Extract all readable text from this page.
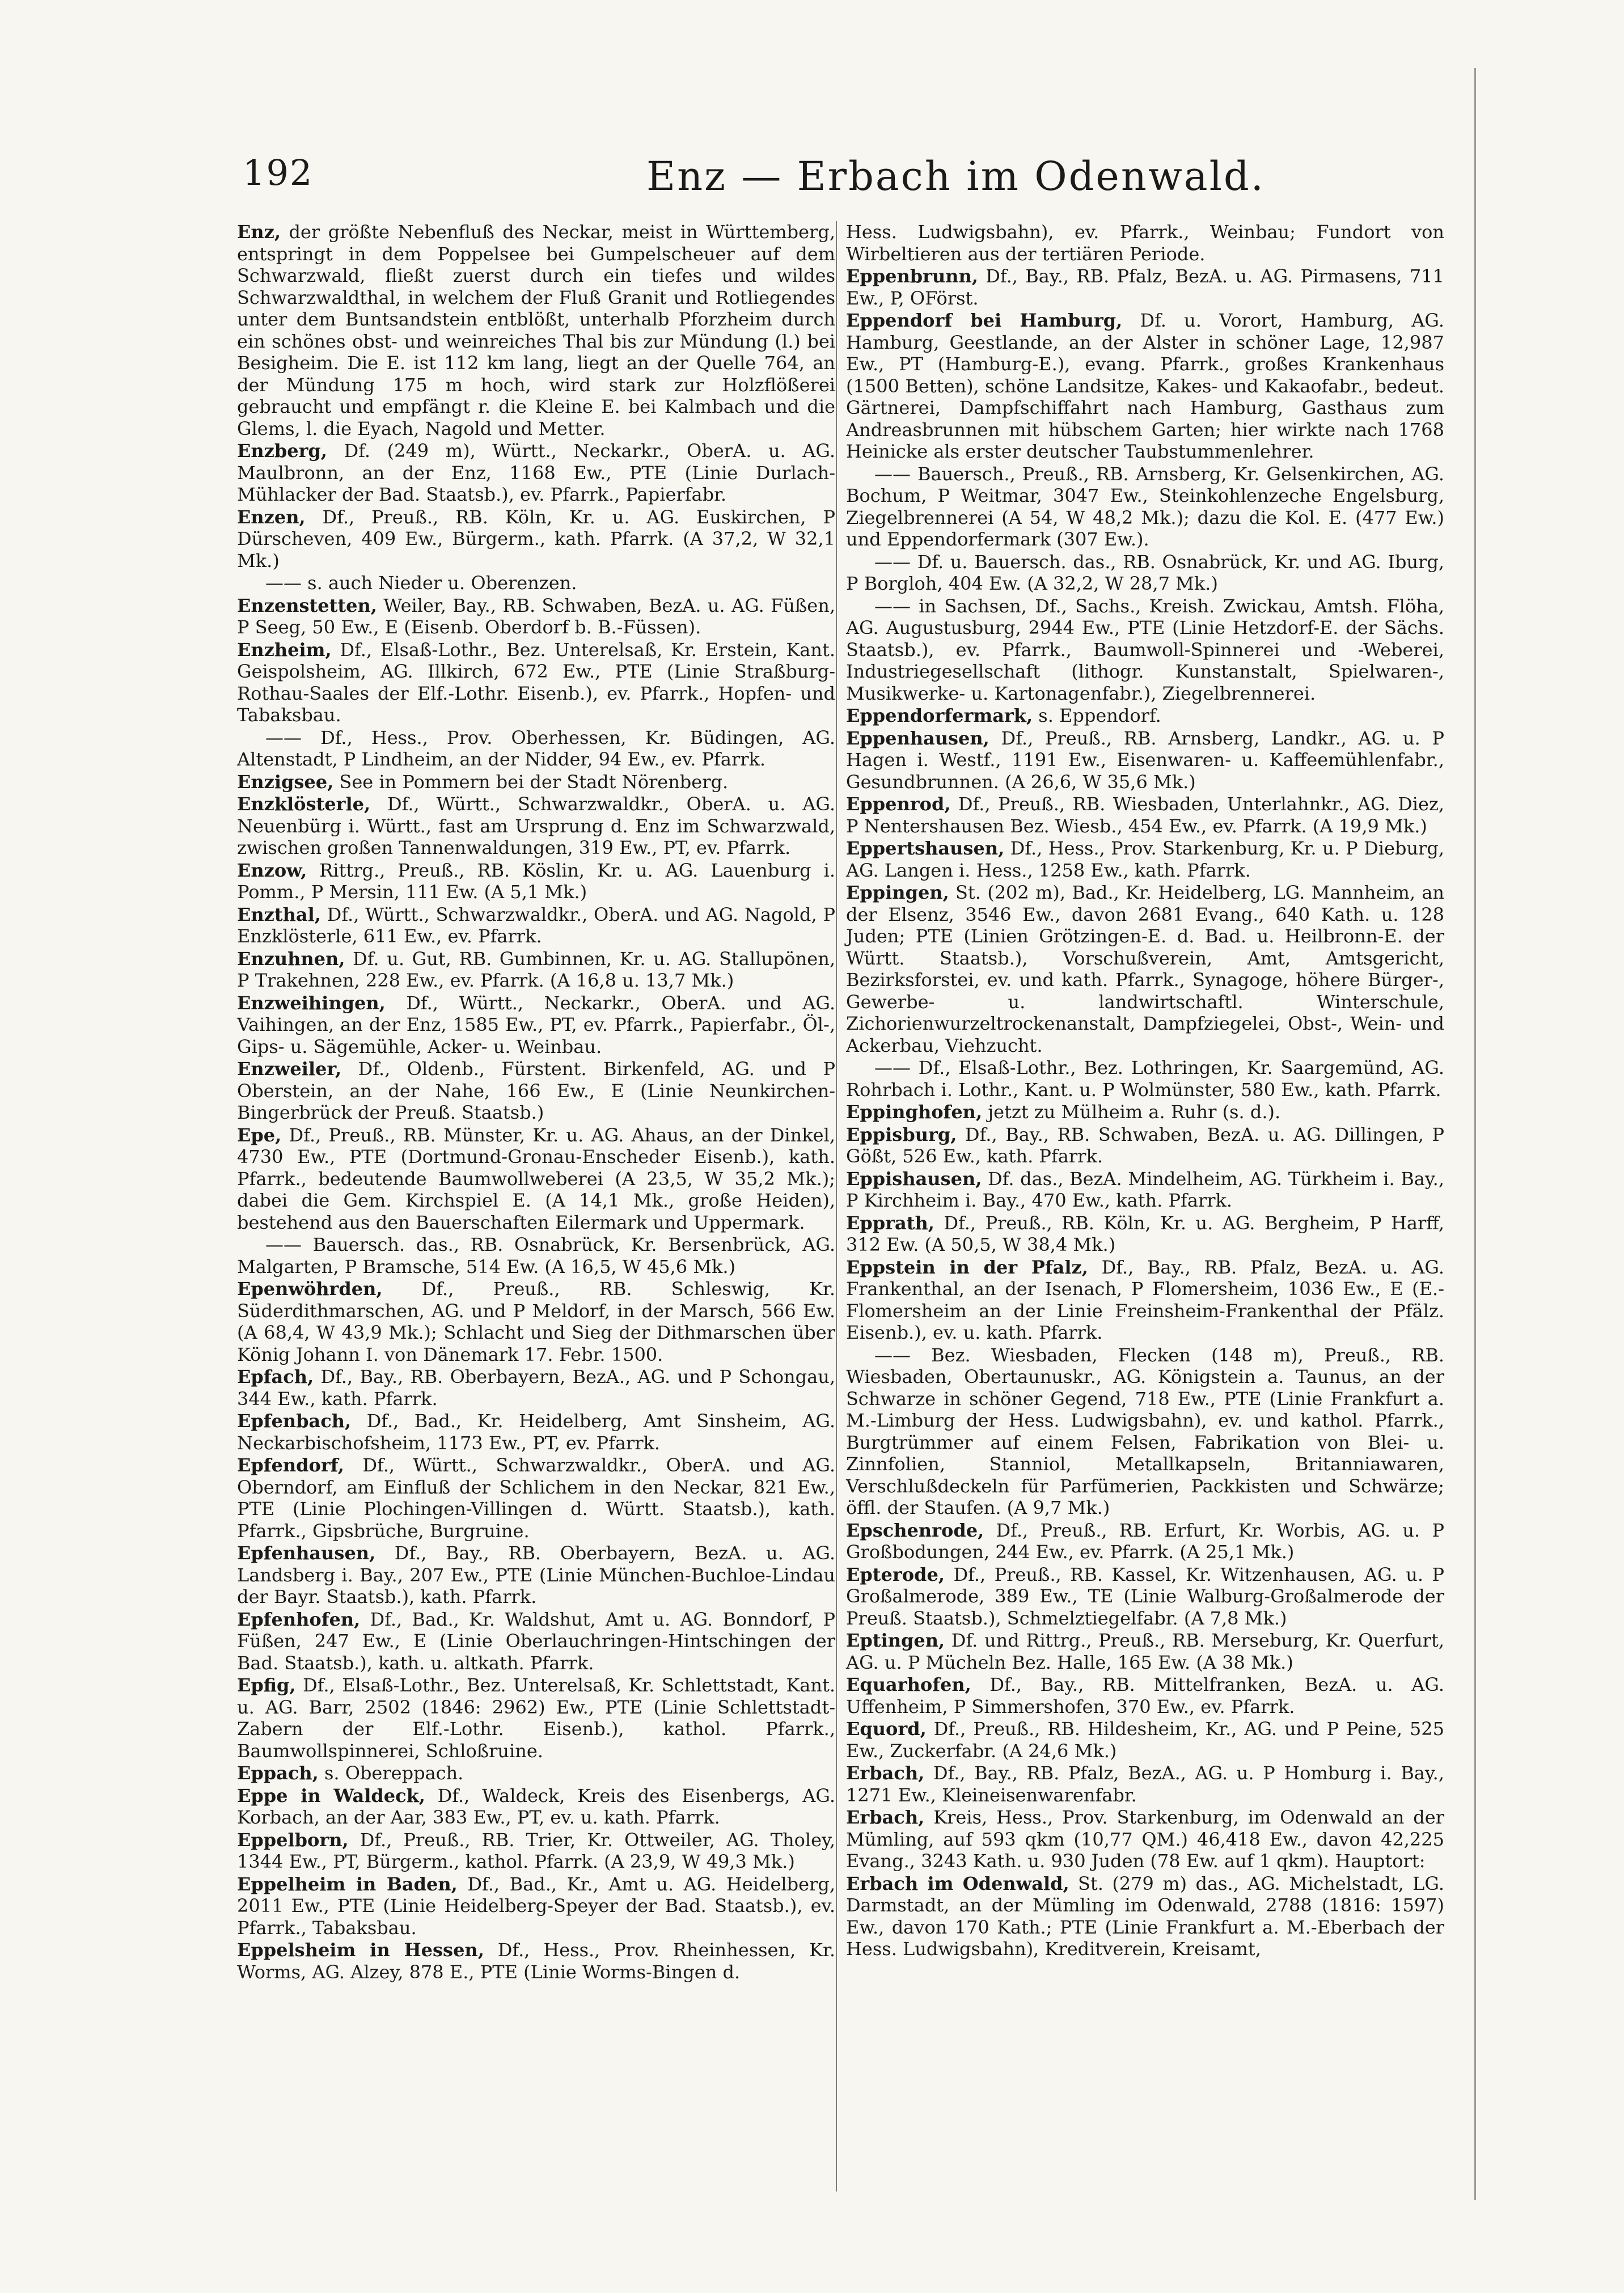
192	Enz — Erbach im Odenwald.
Enz, der größte Nebenfluß des Neckar, meist in Württemberg, entspringt in dem Poppelsee bei Gumpelscheuer auf dem Schwarzwald, fließt zuerst durch ein tiefes und wildes Schwarzwaldthal, in welchem der Fluß Granit und Rotliegendes unter dem Buntsandstein entblößt, unterhalb Pforzheim durch ein schönes obst- und weinreiches Thal bis zur Mündung (l.) bei Besigheim. Die E. ist 112 km lang, liegt an der Quelle 764, an der Mündung 175 m hoch, wird stark zur Holzflößerei gebraucht und empfängt r. die Kleine E. bei Kalmbach und die Glems, l. die Eyach, Nagold und Metter.
Enzberg, Df. (249 m), Württ., Neckarkr., OberA. u. AG. Maulbronn, an der Enz, 1168 Ew., PTE (Linie Durlach-Mühlacker der Bad. Staatsb.), ev. Pfarrk., Papierfabr.
Enzen, Df., Preuß., RB. Köln, Kr. u. AG. Euskirchen, P Dürscheven, 409 Ew., Bürgerm., kath. Pfarrk. (A 37,2, W 32,1 Mk.)
—— s. auch Nieder u. Oberenzen.
Enzenstetten, Weiler, Bay., RB. Schwaben, BezA. u. AG. Füßen, P Seeg, 50 Ew., E (Eisenb. Oberdorf b. B.-Füssen).
Enzheim, Df., Elsaß-Lothr., Bez. Unterelsaß, Kr. Erstein, Kant. Geispolsheim, AG. Illkirch, 672 Ew., PTE (Linie Straßburg-Rothau-Saales der Elf.-Lothr. Eisenb.), ev. Pfarrk., Hopfen- und Tabaksbau.
—— Df., Hess., Prov. Oberhessen, Kr. Büdingen, AG. Altenstadt, P Lindheim, an der Nidder, 94 Ew., ev. Pfarrk.
Enzigsee, See in Pommern bei der Stadt Nörenberg.
Enzklösterle, Df., Württ., Schwarzwaldkr., OberA. u. AG. Neuenbürg i. Württ., fast am Ursprung d. Enz im Schwarzwald, zwischen großen Tannenwaldungen, 319 Ew., PT, ev. Pfarrk.
Enzow, Rittrg., Preuß., RB. Köslin, Kr. u. AG. Lauenburg i. Pomm., P Mersin, 111 Ew. (A 5,1 Mk.)
Enzthal, Df., Württ., Schwarzwaldkr., OberA. und AG. Nagold, P Enzklösterle, 611 Ew., ev. Pfarrk.
Enzuhnen, Df. u. Gut, RB. Gumbinnen, Kr. u. AG. Stallupönen, P Trakehnen, 228 Ew., ev. Pfarrk. (A 16,8 u. 13,7 Mk.)
Enzweihingen, Df., Württ., Neckarkr., OberA. und AG. Vaihingen, an der Enz, 1585 Ew., PT, ev. Pfarrk., Papierfabr., Öl-, Gips- u. Sägemühle, Acker- u. Weinbau.
Enzweiler, Df., Oldenb., Fürstent. Birkenfeld, AG. und P Oberstein, an der Nahe, 166 Ew., E (Linie Neunkirchen-Bingerbrück der Preuß. Staatsb.)
Epe, Df., Preuß., RB. Münster, Kr. u. AG. Ahaus, an der Dinkel, 4730 Ew., PTE (Dortmund-Gronau-Enscheder Eisenb.), kath. Pfarrk., bedeutende Baumwollweberei (A 23,5, W 35,2 Mk.); dabei die Gem. Kirchspiel E. (A 14,1 Mk., große Heiden), bestehend aus den Bauerschaften Eilermark und Uppermark.
—— Bauersch. das., RB. Osnabrück, Kr. Bersenbrück, AG. Malgarten, P Bramsche, 514 Ew. (A 16,5, W 45,6 Mk.)
Epenwöhrden, Df., Preuß., RB. Schleswig, Kr. Süderdithmarschen, AG. und P Meldorf, in der Marsch, 566 Ew. (A 68,4, W 43,9 Mk.); Schlacht und Sieg der Dithmarschen über König Johann I. von Dänemark 17. Febr. 1500.
Epfach, Df., Bay., RB. Oberbayern, BezA., AG. und P Schongau, 344 Ew., kath. Pfarrk.
Epfenbach, Df., Bad., Kr. Heidelberg, Amt Sinsheim, AG. Neckarbischofsheim, 1173 Ew., PT, ev. Pfarrk.
Epfendorf, Df., Württ., Schwarzwaldkr., OberA. und AG. Oberndorf, am Einfluß der Schlichem in den Neckar, 821 Ew., PTE (Linie Plochingen-Villingen d. Württ. Staatsb.), kath. Pfarrk., Gipsbrüche, Burgruine.
Epfenhausen, Df., Bay., RB. Oberbayern, BezA. u. AG. Landsberg i. Bay., 207 Ew., PTE (Linie München-Buchloe-Lindau der Bayr. Staatsb.), kath. Pfarrk.
Epfenhofen, Df., Bad., Kr. Waldshut, Amt u. AG. Bonndorf, P Füßen, 247 Ew., E (Linie Oberlauchringen-Hintschingen der Bad. Staatsb.), kath. u. altkath. Pfarrk.
Epfig, Df., Elsaß-Lothr., Bez. Unterelsaß, Kr. Schlettstadt, Kant. u. AG. Barr, 2502 (1846: 2962) Ew., PTE (Linie Schlettstadt-Zabern der Elf.-Lothr. Eisenb.), kathol. Pfarrk., Baumwollspinnerei, Schloßruine.
Eppach, s. Obereppach.
Eppe in Waldeck, Df., Waldeck, Kreis des Eisenbergs, AG. Korbach, an der Aar, 383 Ew., PT, ev. u. kath. Pfarrk.
Eppelborn, Df., Preuß., RB. Trier, Kr. Ottweiler, AG. Tholey, 1344 Ew., PT, Bürgerm., kathol. Pfarrk. (A 23,9, W 49,3 Mk.)
Eppelheim in Baden, Df., Bad., Kr., Amt u. AG. Heidelberg, 2011 Ew., PTE (Linie Heidelberg-Speyer der Bad. Staatsb.), ev. Pfarrk., Tabaksbau.
Eppelsheim in Hessen, Df., Hess., Prov. Rheinhessen, Kr. Worms, AG. Alzey, 878 E., PTE (Linie Worms-Bingen d.
Hess. Ludwigsbahn), ev. Pfarrk., Weinbau; Fundort von Wirbeltieren aus der tertiären Periode.
Eppenbrunn, Df., Bay., RB. Pfalz, BezA. u. AG. Pirmasens, 711 Ew., P, OFörst.
Eppendorf bei Hamburg, Df. u. Vorort, Hamburg, AG. Hamburg, Geestlande, an der Alster in schöner Lage, 12,987 Ew., PT (Hamburg-E.), evang. Pfarrk., großes Krankenhaus (1500 Betten), schöne Landsitze, Kakes- und Kakaofabr., bedeut. Gärtnerei, Dampfschiffahrt nach Hamburg, Gasthaus zum Andreasbrunnen mit hübschem Garten; hier wirkte nach 1768 Heinicke als erster deutscher Taubstummenlehrer.
—— Bauersch., Preuß., RB. Arnsberg, Kr. Gelsenkirchen, AG. Bochum, P Weitmar, 3047 Ew., Steinkohlenzeche Engelsburg, Ziegelbrennerei (A 54, W 48,2 Mk.); dazu die Kol. E. (477 Ew.) und Eppendorfermark (307 Ew.).
—— Df. u. Bauersch. das., RB. Osnabrück, Kr. und AG. Iburg, P Borgloh, 404 Ew. (A 32,2, W 28,7 Mk.)
—— in Sachsen, Df., Sachs., Kreish. Zwickau, Amtsh. Flöha, AG. Augustusburg, 2944 Ew., PTE (Linie Hetzdorf-E. der Sächs. Staatsb.), ev. Pfarrk., Baumwoll-Spinnerei und -Weberei, Industriegesellschaft (lithogr. Kunstanstalt, Spielwaren-, Musikwerke- u. Kartonagenfabr.), Ziegelbrennerei.
Eppendorfermark, s. Eppendorf.
Eppenhausen, Df., Preuß., RB. Arnsberg, Landkr., AG. u. P Hagen i. Westf., 1191 Ew., Eisenwaren- u. Kaffeemühlenfabr., Gesundbrunnen. (A 26,6, W 35,6 Mk.)
Eppenrod, Df., Preuß., RB. Wiesbaden, Unterlahnkr., AG. Diez, P Nentershausen Bez. Wiesb., 454 Ew., ev. Pfarrk. (A 19,9 Mk.)
Eppertshausen, Df., Hess., Prov. Starkenburg, Kr. u. P Dieburg, AG. Langen i. Hess., 1258 Ew., kath. Pfarrk.
Eppingen, St. (202 m), Bad., Kr. Heidelberg, LG. Mannheim, an der Elsenz, 3546 Ew., davon 2681 Evang., 640 Kath. u. 128 Juden; PTE (Linien Grötzingen-E. d. Bad. u. Heilbronn-E. der Württ. Staatsb.), Vorschußverein, Amt, Amtsgericht, Bezirksforstei, ev. und kath. Pfarrk., Synagoge, höhere Bürger-, Gewerbe- u. landwirtschaftl. Winterschule, Zichorienwurzeltrockenanstalt, Dampfziegelei, Obst-, Wein- und Ackerbau, Viehzucht.
—— Df., Elsaß-Lothr., Bez. Lothringen, Kr. Saargemünd, AG. Rohrbach i. Lothr., Kant. u. P Wolmünster, 580 Ew., kath. Pfarrk.
Eppinghofen, jetzt zu Mülheim a. Ruhr (s. d.).
Eppisburg, Df., Bay., RB. Schwaben, BezA. u. AG. Dillingen, P Gößt, 526 Ew., kath. Pfarrk.
Eppishausen, Df. das., BezA. Mindelheim, AG. Türkheim i. Bay., P Kirchheim i. Bay., 470 Ew., kath. Pfarrk.
Epprath, Df., Preuß., RB. Köln, Kr. u. AG. Bergheim, P Harff, 312 Ew. (A 50,5, W 38,4 Mk.)
Eppstein in der Pfalz, Df., Bay., RB. Pfalz, BezA. u. AG. Frankenthal, an der Isenach, P Flomersheim, 1036 Ew., E (E.-Flomersheim an der Linie Freinsheim-Frankenthal der Pfälz. Eisenb.), ev. u. kath. Pfarrk.
—— Bez. Wiesbaden, Flecken (148 m), Preuß., RB. Wiesbaden, Obertaunuskr., AG. Königstein a. Taunus, an der Schwarze in schöner Gegend, 718 Ew., PTE (Linie Frankfurt a. M.-Limburg der Hess. Ludwigsbahn), ev. und kathol. Pfarrk., Burgtrümmer auf einem Felsen, Fabrikation von Blei- u. Zinnfolien, Stanniol, Metallkapseln, Britanniawaren, Verschlußdeckeln für Parfümerien, Packkisten und Schwärze; öffl. der Staufen. (A 9,7 Mk.)
Epschenrode, Df., Preuß., RB. Erfurt, Kr. Worbis, AG. u. P Großbodungen, 244 Ew., ev. Pfarrk. (A 25,1 Mk.)
Epterode, Df., Preuß., RB. Kassel, Kr. Witzenhausen, AG. u. P Großalmerode, 389 Ew., TE (Linie Walburg-Großalmerode der Preuß. Staatsb.), Schmelztiegelfabr. (A 7,8 Mk.)
Eptingen, Df. und Rittrg., Preuß., RB. Merseburg, Kr. Querfurt, AG. u. P Mücheln Bez. Halle, 165 Ew. (A 38 Mk.)
Equarhofen, Df., Bay., RB. Mittelfranken, BezA. u. AG. Uffenheim, P Simmershofen, 370 Ew., ev. Pfarrk.
Equord, Df., Preuß., RB. Hildesheim, Kr., AG. und P Peine, 525 Ew., Zuckerfabr. (A 24,6 Mk.)
Erbach, Df., Bay., RB. Pfalz, BezA., AG. u. P Homburg i. Bay., 1271 Ew., Kleineisenwarenfabr.
Erbach, Kreis, Hess., Prov. Starkenburg, im Odenwald an der Mümling, auf 593 qkm (10,77 QM.) 46,418 Ew., davon 42,225 Evang., 3243 Kath. u. 930 Juden (78 Ew. auf 1 qkm). Hauptort:
Erbach im Odenwald, St. (279 m) das., AG. Michelstadt, LG. Darmstadt, an der Mümling im Odenwald, 2788 (1816: 1597) Ew., davon 170 Kath.; PTE (Linie Frankfurt a. M.-Eberbach der Hess. Ludwigsbahn), Kreditverein, Kreisamt,
